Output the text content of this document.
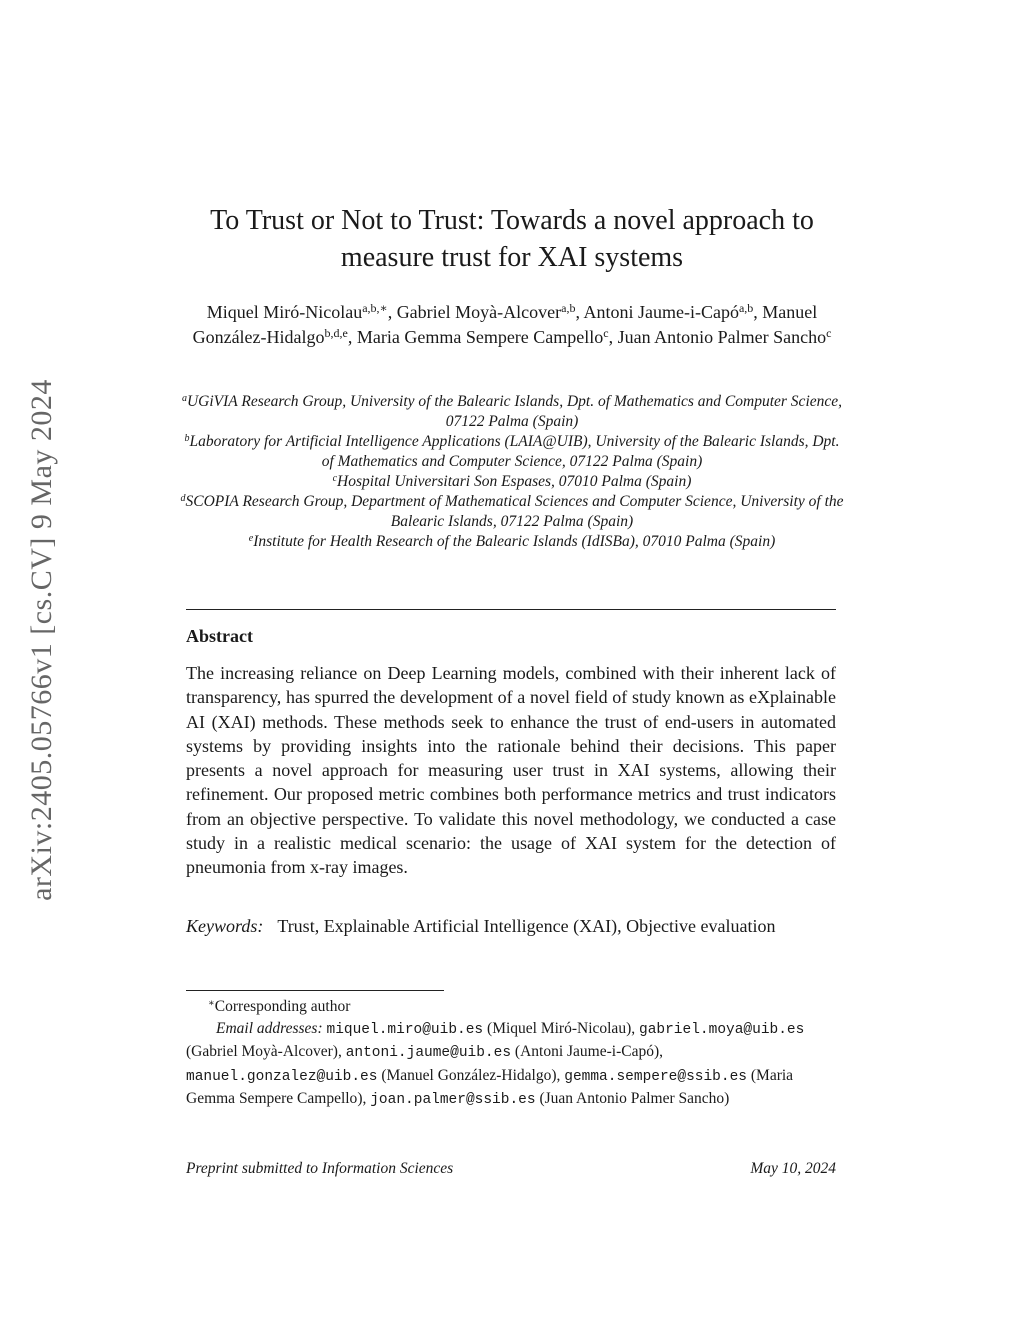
arXiv:2405.05766v1 [cs.CV] 9 May 2024
To Trust or Not to Trust: Towards a novel approach to
measure trust for XAI systems
Miquel Miró-Nicolau$^{a,b,∗}$, Gabriel Moyà-Alcover$^{a,b}$, Antoni Jaume-i-Capó$^{a,b}$, Manuel González-Hidalgo$^{b,d,e}$, Maria Gemma Sempere Campello$^c$, Juan Antonio Palmer Sancho$^c$
$^a$UGiVIA Research Group, University of the Balearic Islands, Dpt. of Mathematics and Computer Science, 07122 Palma (Spain)
$^b$Laboratory for Artificial Intelligence Applications (LAIA@UIB), University of the Balearic Islands, Dpt. of Mathematics and Computer Science, 07122 Palma (Spain)
$^c$Hospital Universitari Son Espases, 07010 Palma (Spain)
$^d$SCOPIA Research Group, Department of Mathematical Sciences and Computer Science, University of the Balearic Islands, 07122 Palma (Spain)
$^e$Institute for Health Research of the Balearic Islands (IdISBa), 07010 Palma (Spain)
Abstract
The increasing reliance on Deep Learning models, combined with their inherent lack of transparency, has spurred the development of a novel field of study known as eXplainable AI (XAI) methods. These methods seek to enhance the trust of end-users in automated systems by providing insights into the rationale behind their decisions. This paper presents a novel approach for measuring user trust in XAI systems, allowing their refinement. Our proposed metric combines both performance metrics and trust indicators from an objective perspective. To validate this novel methodology, we conducted a case study in a realistic medical scenario: the usage of XAI system for the detection of pneumonia from x-ray images.
Keywords: Trust, Explainable Artificial Intelligence (XAI), Objective evaluation
∗Corresponding author
Email addresses: miquel.miro@uib.es (Miquel Miró-Nicolau), gabriel.moya@uib.es (Gabriel Moyà-Alcover), antoni.jaume@uib.es (Antoni Jaume-i-Capó), manuel.gonzalez@uib.es (Manuel González-Hidalgo), gemma.sempere@ssib.es (Maria Gemma Sempere Campello), joan.palmer@ssib.es (Juan Antonio Palmer Sancho)
Preprint submitted to Information Sciences	May 10, 2024
